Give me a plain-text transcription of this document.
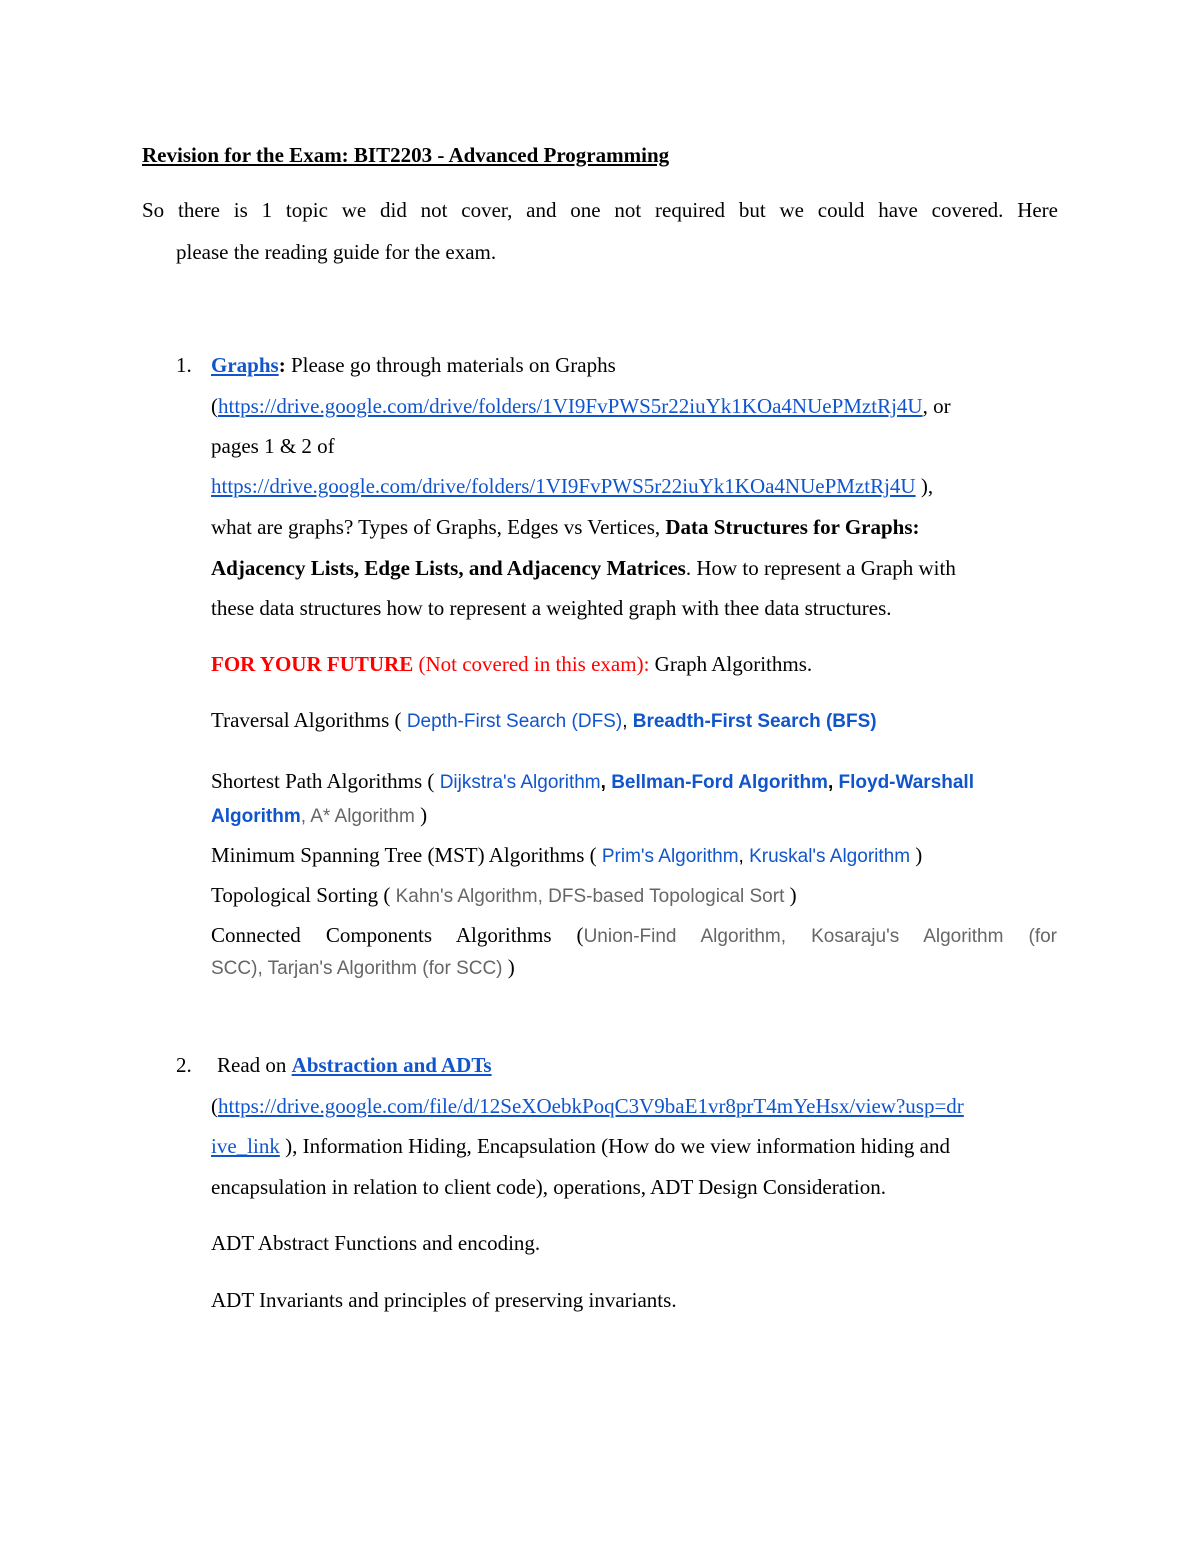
Revision for the Exam: BIT2203 - Advanced Programming
So there is 1 topic we did not cover, and one not required but we could have covered. Here
please the reading guide for the exam.
1. Graphs: Please go through materials on Graphs
(https://drive.google.com/drive/folders/1VI9FvPWS5r22iuYk1KOa4NUePMztRj4U, or
pages 1 & 2 of
https://drive.google.com/drive/folders/1VI9FvPWS5r22iuYk1KOa4NUePMztRj4U ),
what are graphs? Types of Graphs, Edges vs Vertices, Data Structures for Graphs:
Adjacency Lists, Edge Lists, and Adjacency Matrices. How to represent a Graph with
these data structures how to represent a weighted graph with thee data structures.
FOR YOUR FUTURE (Not covered in this exam): Graph Algorithms.
Traversal Algorithms ( Depth-First Search (DFS), Breadth-First Search (BFS)
Shortest Path Algorithms ( Dijkstra's Algorithm, Bellman-Ford Algorithm, Floyd-Warshall
Algorithm, A* Algorithm )
Minimum Spanning Tree (MST) Algorithms ( Prim's Algorithm, Kruskal's Algorithm )
Topological Sorting ( Kahn's Algorithm, DFS-based Topological Sort )
Connected Components Algorithms (Union-Find Algorithm, Kosaraju's Algorithm (for
SCC), Tarjan's Algorithm (for SCC) )
2. Read on Abstraction and ADTs
(https://drive.google.com/file/d/12SeXOebkPoqC3V9baE1vr8prT4mYeHsx/view?usp=dr
ive_link ), Information Hiding, Encapsulation (How do we view information hiding and
encapsulation in relation to client code), operations, ADT Design Consideration.
ADT Abstract Functions and encoding.
ADT Invariants and principles of preserving invariants.
